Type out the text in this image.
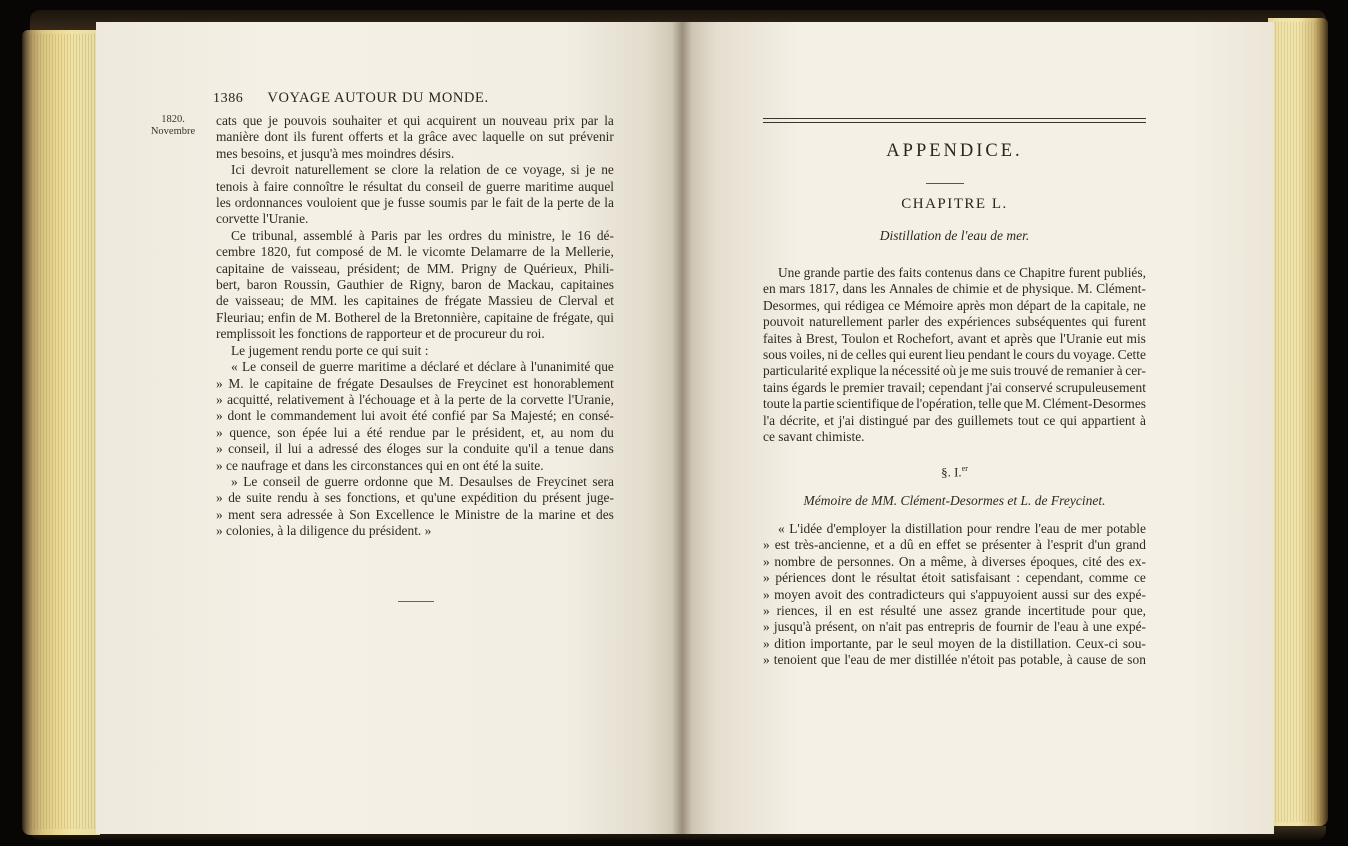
1386 VOYAGE AUTOUR DU MONDE.
1820.
Novembre
cats que je pouvois souhaiter et qui acquirent un nouveau prix par la
manière dont ils furent offerts et la grâce avec laquelle on sut prévenir
mes besoins, et jusqu'à mes moindres désirs.
Ici devroit naturellement se clore la relation de ce voyage, si je ne
tenois à faire connoître le résultat du conseil de guerre maritime auquel
les ordonnances vouloient que je fusse soumis par le fait de la perte de la
corvette l'Uranie.
Ce tribunal, assemblé à Paris par les ordres du ministre, le 16 dé-
cembre 1820, fut composé de M. le vicomte Delamarre de la Mellerie,
capitaine de vaisseau, président; de MM. Prigny de Quérieux, Phili-
bert, baron Roussin, Gauthier de Rigny, baron de Mackau, capitaines
de vaisseau; de MM. les capitaines de frégate Massieu de Clerval et
Fleuriau; enfin de M. Botherel de la Bretonnière, capitaine de frégate, qui
remplissoit les fonctions de rapporteur et de procureur du roi.
Le jugement rendu porte ce qui suit :
« Le conseil de guerre maritime a déclaré et déclare à l'unanimité que
» M. le capitaine de frégate Desaulses de Freycinet est honorablement
» acquitté, relativement à l'échouage et à la perte de la corvette l'Uranie,
» dont le commandement lui avoit été confié par Sa Majesté; en consé-
» quence, son épée lui a été rendue par le président, et, au nom du
» conseil, il lui a adressé des éloges sur la conduite qu'il a tenue dans
» ce naufrage et dans les circonstances qui en ont été la suite.
» Le conseil de guerre ordonne que M. Desaulses de Freycinet sera
» de suite rendu à ses fonctions, et qu'une expédition du présent juge-
» ment sera adressée à Son Excellence le Ministre de la marine et des
» colonies, à la diligence du président. »
APPENDICE.
CHAPITRE L.
Distillation de l'eau de mer.
Une grande partie des faits contenus dans ce Chapitre furent publiés,
en mars 1817, dans les Annales de chimie et de physique. M. Clément-
Desormes, qui rédigea ce Mémoire après mon départ de la capitale, ne
pouvoit naturellement parler des expériences subséquentes qui furent
faites à Brest, Toulon et Rochefort, avant et après que l'Uranie eut mis
sous voiles, ni de celles qui eurent lieu pendant le cours du voyage. Cette
particularité explique la nécessité où je me suis trouvé de remanier à cer-
tains égards le premier travail; cependant j'ai conservé scrupuleusement
toute la partie scientifique de l'opération, telle que M. Clément-Desormes
l'a décrite, et j'ai distingué par des guillemets tout ce qui appartient à
ce savant chimiste.
§. I.$^{er}$
Mémoire de MM. Clément-Desormes et L. de Freycinet.
« L'idée d'employer la distillation pour rendre l'eau de mer potable
» est très-ancienne, et a dû en effet se présenter à l'esprit d'un grand
» nombre de personnes. On a même, à diverses époques, cité des ex-
» périences dont le résultat étoit satisfaisant : cependant, comme ce
» moyen avoit des contradicteurs qui s'appuyoient aussi sur des expé-
» riences, il en est résulté une assez grande incertitude pour que,
» jusqu'à présent, on n'ait pas entrepris de fournir de l'eau à une expé-
» dition importante, par le seul moyen de la distillation. Ceux-ci sou-
» tenoient que l'eau de mer distillée n'étoit pas potable, à cause de son
